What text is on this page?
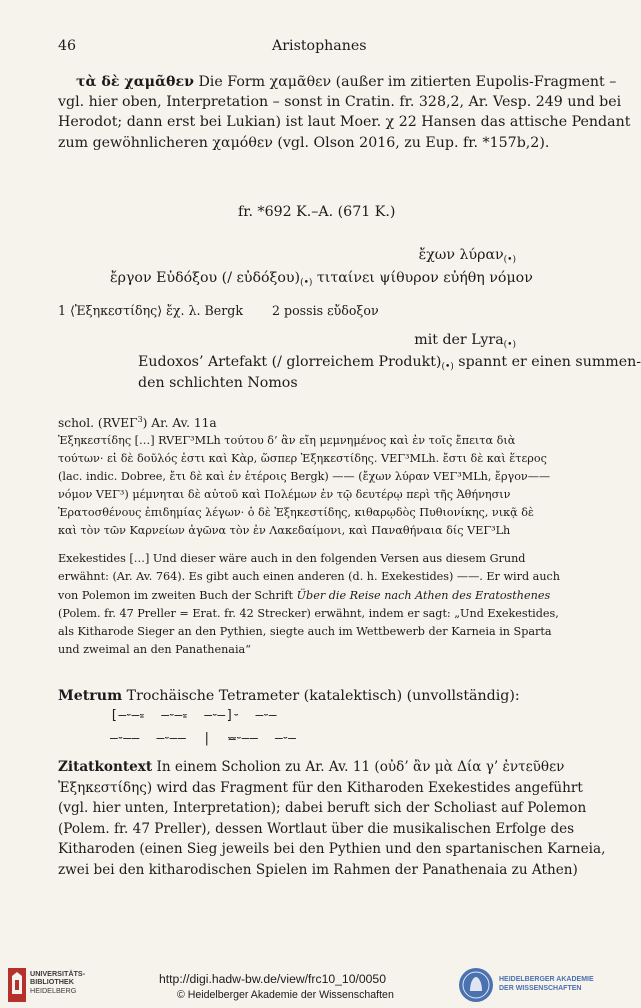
46	Aristophanes
τὰ δὲ χαμᾶθεν Die Form χαμᾶθεν (außer im zitierten Eupolis-Fragment –
vgl. hier oben, Interpretation – sonst in Cratin. fr. 328,2, Ar. Vesp. 249 und bei
Herodot; dann erst bei Lukian) ist laut Moer. χ 22 Hansen das attische Pendant
zum gewöhnlicheren χαμόθεν (vgl. Olson 2016, zu Eup. fr. *157b,2).
fr. *692 K.–A. (671 K.)
ἔχων λύραν$_{(•)}$
ἔργον Εὐδόξου (/ $\varepsilon ὐ\delta ό\xi o\upsilon)_{(•)}$ τιταίνει ψίθυρον εὐήθη νόμον
1 ⟨Ἐξηκεστίδης⟩ ἔχ. λ. Bergk 2 possis εὔδοξον
mit der Lyra$_{(•)}$
Eudoxos’ Artefakt (/ glorreichem $Produkt)_{(•)}$ spannt er einen summen-
den schlichten Nomos
schol. (RVEΓ$^3$) Ar. Av. 11a
Ἐξηκεστίδης […] RVEΓ³MLh τούτου δ’ ἂν εἴη μεμνημένος καὶ ἐν τοῖς ἔπειτα διὰ
τούτων· εἰ δὲ δοῦλός ἐστι καὶ Κὰρ, ὥσπερ Ἐξηκεστίδης. VEΓ³MLh. ἔστι δὲ καὶ ἕτερος
(lac. indic. Dobree, ἔτι δὲ καὶ ἐν ἑτέροις Bergk) —— (ἔχων λύραν VEΓ³MLh, ἔργον——
νόμον VEΓ³) μέμνηται δὲ αὐτοῦ καὶ Πολέμων ἐν τῷ δευτέρῳ περὶ τῆς Ἀθήνησιν
Ἐρατοσθένους ἐπιδημίας λέγων· ὁ δὲ Ἐξηκεστίδης, κιθαρῳδὸς Πυθιονίκης, νικᾷ δὲ
καὶ τὸν τῶν Καρνείων ἀγῶνα τὸν ἐν Λακεδαίμονι, καὶ Παναθήναια δίς VEΓ³Lh
Exekestides […] Und dieser wäre auch in den folgenden Versen aus diesem Grund
erwähnt: (Ar. Av. 764). Es gibt auch einen anderen (d. h. Exekestides) ——. Er wird auch
von Polemon im zweiten Buch der Schrift Über die Reise nach Athen des Eratosthenes
(Polem. fr. 47 Preller = Erat. fr. 42 Strecker) erwähnt, indem er sagt: „Und Exekestides,
als Kitharode Sieger an den Pythien, siegte auch im Wettbewerb der Karneia in Sparta
und zweimal an den Panathenaia“
Metrum Trochäische Tetrameter (katalektisch) (unvollständig):
[–⏑–⏓  –⏑–⏓  –⏑–]⏑  –⏑–
–⏑––  –⏑––  |  ⏕⏑––  –⏑–
Zitatkontext In einem Scholion zu Ar. Av. 11 (οὐδ’ ἂν μὰ Δία γ’ ἐντεῦθεν
Ἐξηκεστίδης) wird das Fragment für den Kitharoden Exekestides angeführt
(vgl. hier unten, Interpretation); dabei beruft sich der Scholiast auf Polemon
(Polem. fr. 47 Preller), dessen Wortlaut über die musikalischen Erfolge des
Kitharoden (einen Sieg jeweils bei den Pythien und den spartanischen Karneia,
zwei bei den kitharodischen Spielen im Rahmen der Panathenaia zu Athen)
UNIVERSITÄTS-
BIBLIOTHEK
HEIDELBERG
http://digi.hadw-bw.de/view/frc10_10/0050
© Heidelberger Akademie der Wissenschaften
HEIDELBERGER AKADEMIE
DER WISSENSCHAFTEN
